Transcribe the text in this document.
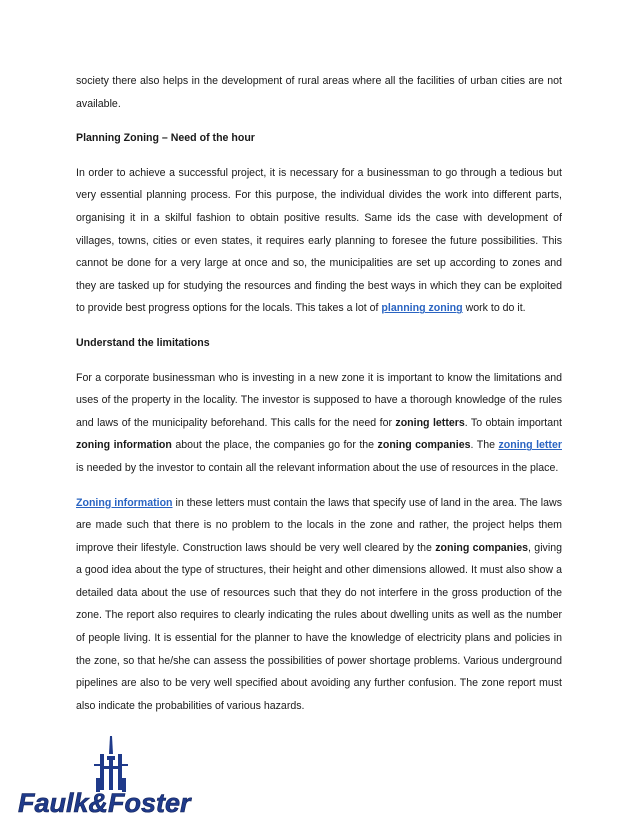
society there also helps in the development of rural areas where all the facilities of urban cities are not available.

Planning Zoning – Need of the hour

In order to achieve a successful project, it is necessary for a businessman to go through a tedious but very essential planning process. For this purpose, the individual divides the work into different parts, organising it in a skilful fashion to obtain positive results. Same ids the case with development of villages, towns, cities or even states, it requires early planning to foresee the future possibilities. This cannot be done for a very large at once and so, the municipalities are set up according to zones and they are tasked up for studying the resources and finding the best ways in which they can be exploited to provide best progress options for the locals. This takes a lot of planning zoning work to do it.

Understand the limitations

For a corporate businessman who is investing in a new zone it is important to know the limitations and uses of the property in the locality. The investor is supposed to have a thorough knowledge of the rules and laws of the municipality beforehand. This calls for the need for zoning letters. To obtain important zoning information about the place, the companies go for the zoning companies. The zoning letter is needed by the investor to contain all the relevant information about the use of resources in the place.

Zoning information in these letters must contain the laws that specify use of land in the area. The laws are made such that there is no problem to the locals in the zone and rather, the project helps them improve their lifestyle. Construction laws should be very well cleared by the zoning companies, giving a good idea about the type of structures, their height and other dimensions allowed. It must also show a detailed data about the use of resources such that they do not interfere in the gross production of the zone. The report also requires to clearly indicating the rules about dwelling units as well as the number of people living. It is essential for the planner to have the knowledge of electricity plans and policies in the zone, so that he/she can assess the possibilities of power shortage problems. Various underground pipelines are also to be very well specified about avoiding any further confusion. The zone report must also indicate the probabilities of various hazards.

Faulk&Foster
